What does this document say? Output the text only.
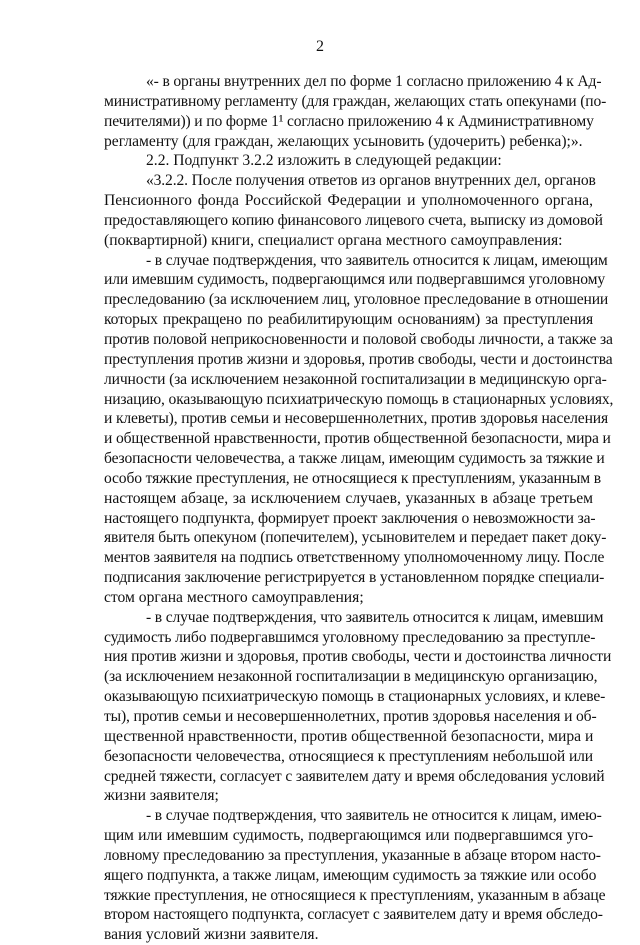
2
«- в органы внутренних дел по форме 1 согласно приложению 4 к Ад-
министративному регламенту (для граждан, желающих стать опекунами (по-
печителями)) и по форме 1¹ согласно приложению 4 к Административному
регламенту (для граждан, желающих усыновить (удочерить) ребенка);».
2.2. Подпункт 3.2.2 изложить в следующей редакции:
«3.2.2. После получения ответов из органов внутренних дел, органов
Пенсионного фонда Российской Федерации и уполномоченного органа,
предоставляющего копию финансового лицевого счета, выписку из домовой
(поквартирной) книги, специалист органа местного самоуправления:
- в случае подтверждения, что заявитель относится к лицам, имеющим
или имевшим судимость, подвергающимся или подвергавшимся уголовному
преследованию (за исключением лиц, уголовное преследование в отношении
которых прекращено по реабилитирующим основаниям) за преступления
против половой неприкосновенности и половой свободы личности, а также за
преступления против жизни и здоровья, против свободы, чести и достоинства
личности (за исключением незаконной госпитализации в медицинскую орга-
низацию, оказывающую психиатрическую помощь в стационарных условиях,
и клеветы), против семьи и несовершеннолетних, против здоровья населения
и общественной нравственности, против общественной безопасности, мира и
безопасности человечества, а также лицам, имеющим судимость за тяжкие и
особо тяжкие преступления, не относящиеся к преступлениям, указанным в
настоящем абзаце, за исключением случаев, указанных в абзаце третьем
настоящего подпункта, формирует проект заключения о невозможности за-
явителя быть опекуном (попечителем), усыновителем и передает пакет доку-
ментов заявителя на подпись ответственному уполномоченному лицу. После
подписания заключение регистрируется в установленном порядке специали-
стом органа местного самоуправления;
- в случае подтверждения, что заявитель относится к лицам, имевшим
судимость либо подвергавшимся уголовному преследованию за преступле-
ния против жизни и здоровья, против свободы, чести и достоинства личности
(за исключением незаконной госпитализации в медицинскую организацию,
оказывающую психиатрическую помощь в стационарных условиях, и клеве-
ты), против семьи и несовершеннолетних, против здоровья населения и об-
щественной нравственности, против общественной безопасности, мира и
безопасности человечества, относящиеся к преступлениям небольшой или
средней тяжести, согласует с заявителем дату и время обследования условий
жизни заявителя;
- в случае подтверждения, что заявитель не относится к лицам, имею-
щим или имевшим судимость, подвергающимся или подвергавшимся уго-
ловному преследованию за преступления, указанные в абзаце втором насто-
ящего подпункта, а также лицам, имеющим судимость за тяжкие или особо
тяжкие преступления, не относящиеся к преступлениям, указанным в абзаце
втором настоящего подпункта, согласует с заявителем дату и время обследо-
вания условий жизни заявителя.
